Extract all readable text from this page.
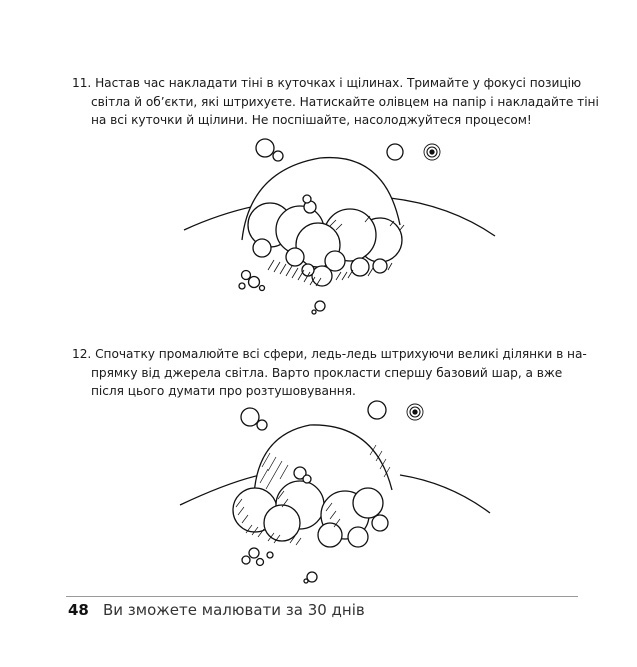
11. Настав час накладати тіні в куточках і щілинах. Тримайте у фокусі позицію
світла й об’єкти, які штрихуєте. Натискайте олівцем на папір і накладайте тіні
на всі куточки й щілини. Не поспішайте, насолоджуйтеся процесом!
12. Спочатку промалюйте всі сфери, ледь-ледь штрихуючи великі ділянки в на-
прямку від джерела світла. Варто прокласти спершу базовий шар, а вже
після цього думати про розтушовування.
48 Ви зможете малювати за 30 днів
